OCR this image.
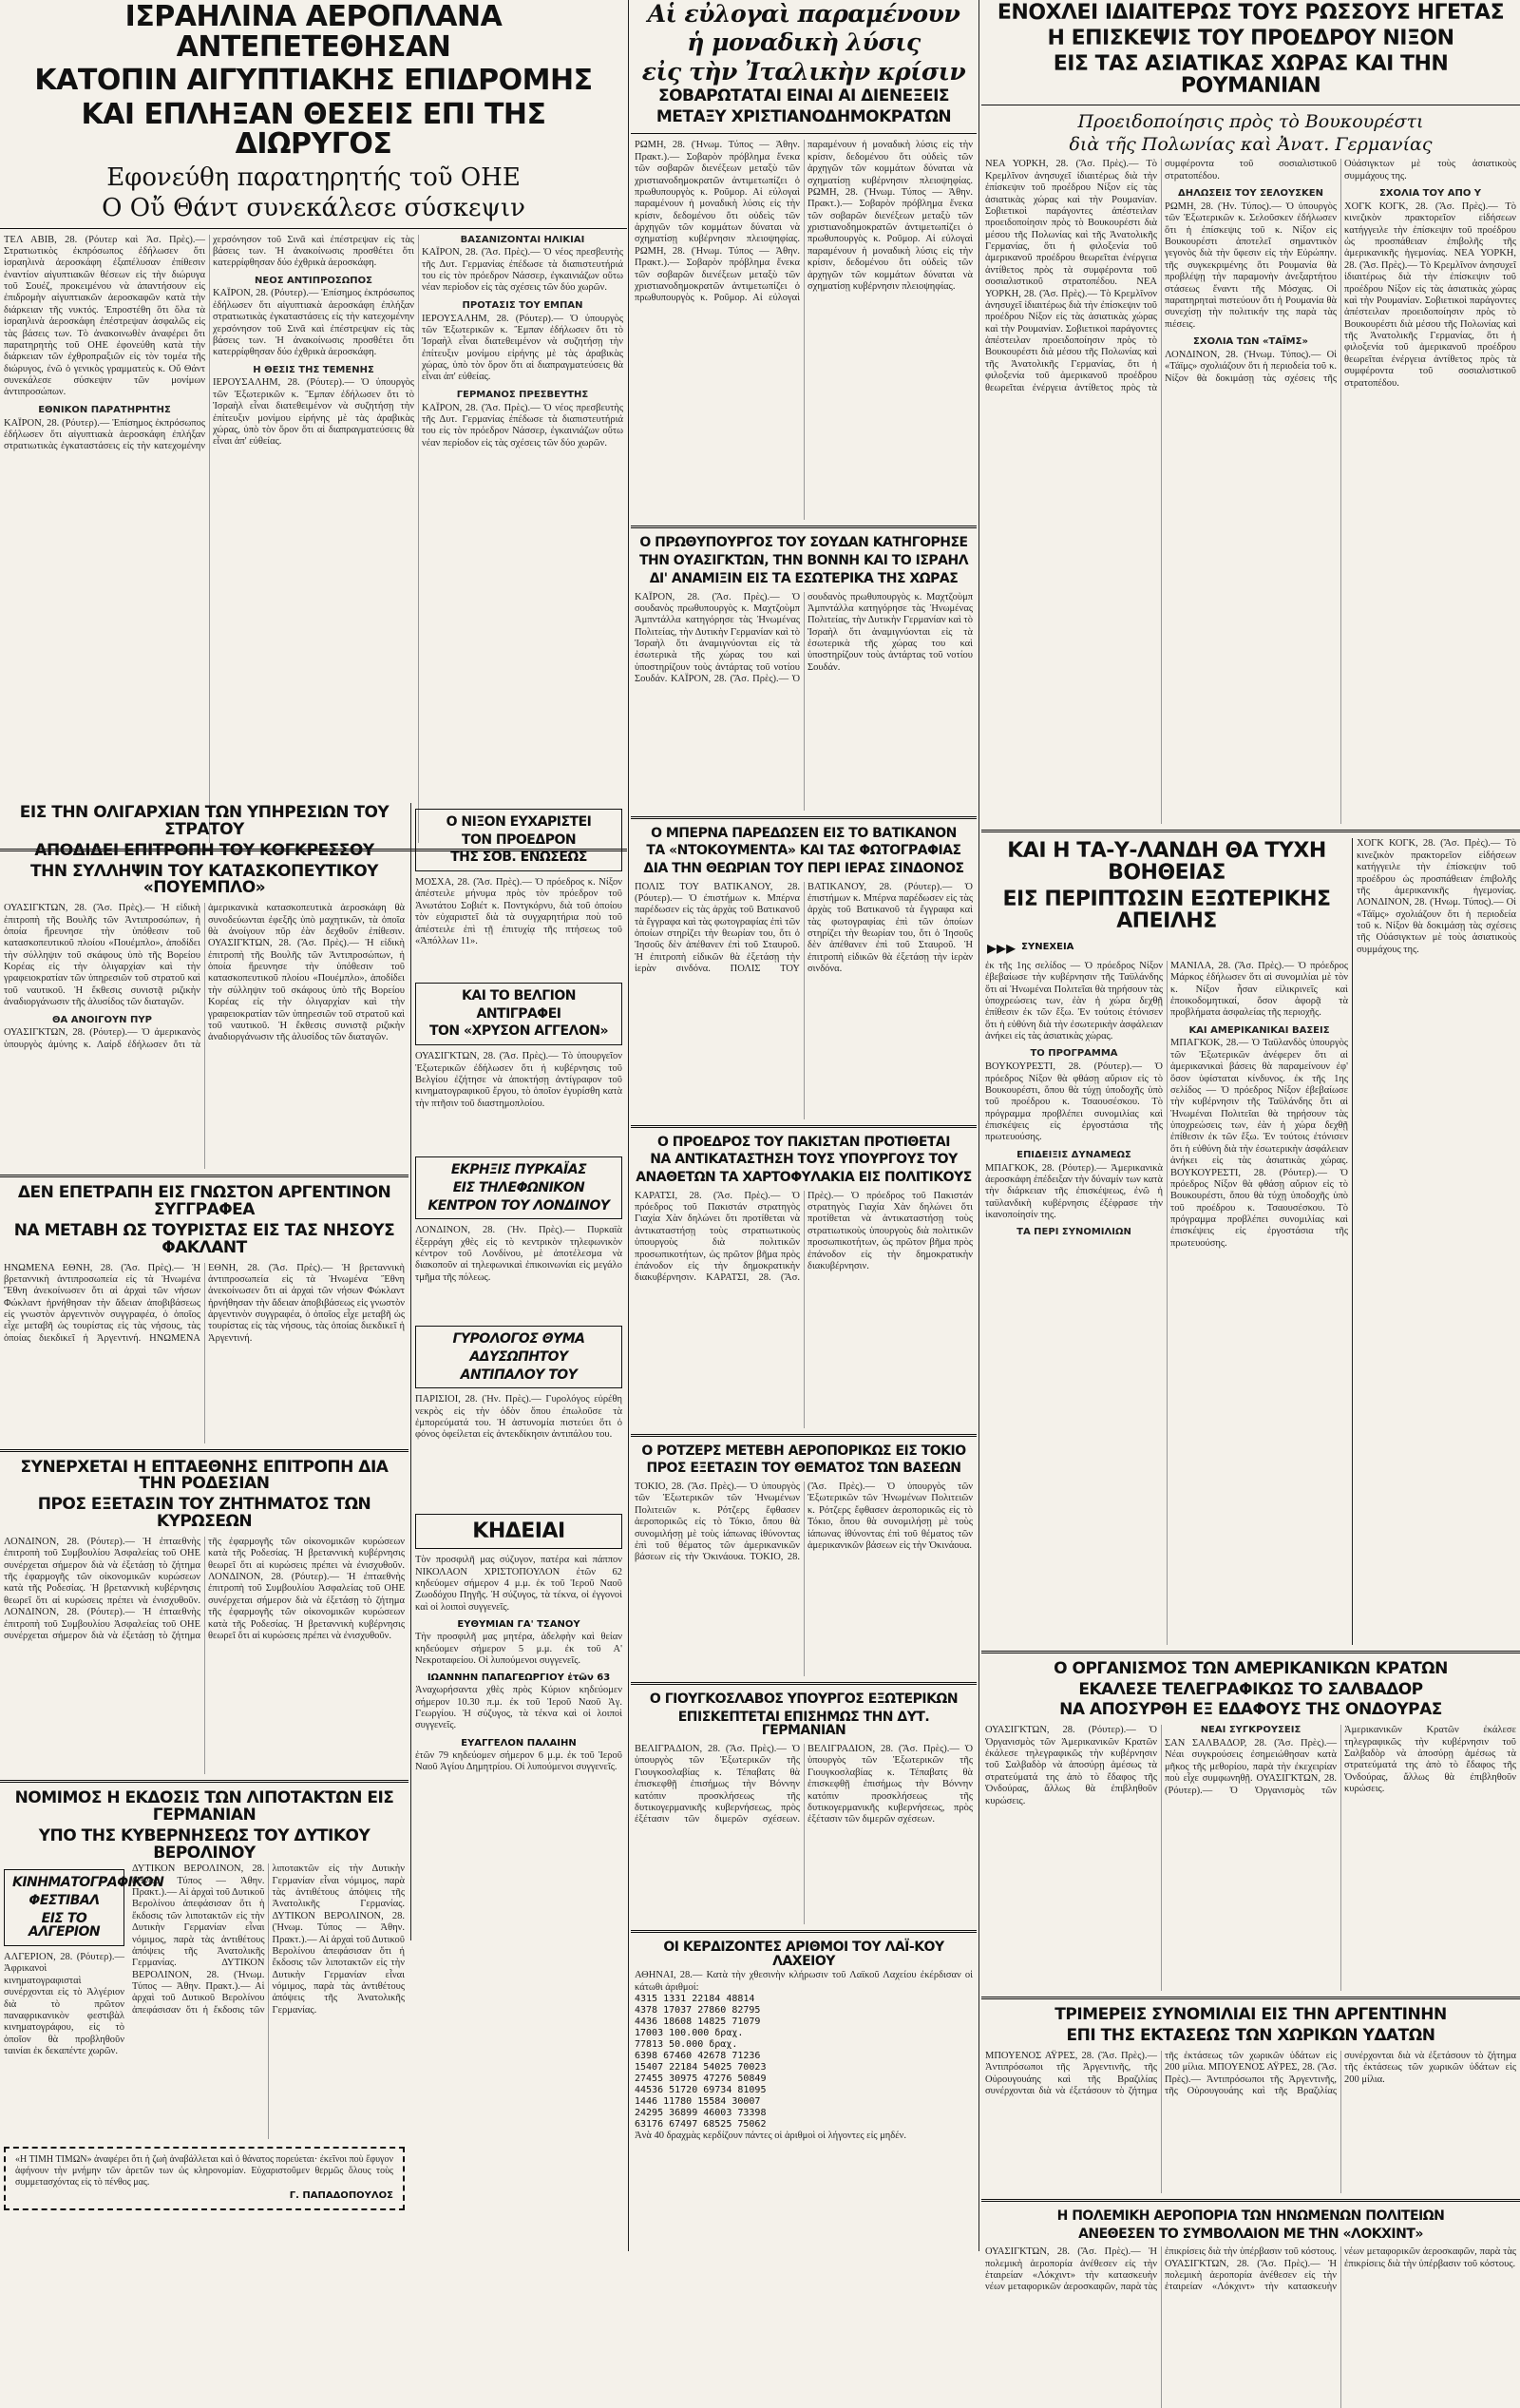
ΙΣΡΑΗΛΙΝΑ ΑΕΡΟΠΛΑΝΑ ΑΝΤΕΠΕΤΕΘΗΣΑΝ
ΚΑΤΟΠΙΝ ΑΙΓΥΠΤΙΑΚΗΣ ΕΠΙΔΡΟΜΗΣ
ΚΑΙ ΕΠΛΗΞΑΝ ΘΕΣΕΙΣ ΕΠΙ ΤΗΣ ΔΙΩΡΥΓΟΣ
Εφονεύθη παρατηρητής τοῦ ΟΗΕ
Ο Οὔ Θάντ συνεκάλεσε σύσκεψιν
ΤΕΛ ΑΒΙΒ, 28. (Ρόυτερ καὶ Ἀσ. Πρὲς).— Στρατιωτικὸς ἐκπρόσωπος ἐδήλωσεν ὅτι ἰσραηλινὰ ἀεροσκάφη ἐξαπέλυσαν ἐπίθεσιν ἐναντίον αἰγυπτιακῶν θέσεων εἰς τὴν διώρυγα τοῦ Σουέζ, προκειμένου νὰ ἀπαντήσουν εἰς ἐπιδρομὴν αἰγυπτιακῶν ἀεροσκαφῶν κατὰ τὴν διάρκειαν τῆς νυκτός. Ἐπροστέθη ὅτι ὅλα τὰ ἰσραηλινὰ ἀεροσκάφη ἐπέστρεψαν ἀσφαλῶς εἰς τὰς βάσεις των. Τὸ ἀνακοινωθὲν ἀναφέρει ὅτι παρατηρητὴς τοῦ ΟΗΕ ἐφονεύθη κατὰ τὴν διάρκειαν τῶν ἐχθροπραξιῶν εἰς τὸν τομέα τῆς διώρυγος, ἐνῶ ὁ γενικὸς γραμματεὺς κ. Οὔ Θάντ συνεκάλεσε σύσκεψιν τῶν μονίμων ἀντιπροσώπων.
ΕΘΝΙΚΟΝ ΠΑΡΑΤΗΡΗΤΗΣ
ΚΑΪΡΟΝ, 28. (Ρόυτερ).— Ἐπίσημος ἐκπρόσωπος ἐδήλωσεν ὅτι αἰγυπτιακὰ ἀεροσκάφη ἐπλήξαν στρατιωτικὰς ἐγκαταστάσεις εἰς τὴν κατεχομένην χερσόνησον τοῦ Σινᾶ καὶ ἐπέστρεψαν εἰς τὰς βάσεις των. Ἡ ἀνακοίνωσις προσθέτει ὅτι κατερρίφθησαν δύο ἐχθρικὰ ἀεροσκάφη.
ΝΕΟΣ ΑΝΤΙΠΡΟΣΩΠΟΣ
ΚΑΪΡΟΝ, 28. (Ρόυτερ).— Ἐπίσημος ἐκπρόσωπος ἐδήλωσεν ὅτι αἰγυπτιακὰ ἀεροσκάφη ἐπλήξαν στρατιωτικὰς ἐγκαταστάσεις εἰς τὴν κατεχομένην χερσόνησον τοῦ Σινᾶ καὶ ἐπέστρεψαν εἰς τὰς βάσεις των. Ἡ ἀνακοίνωσις προσθέτει ὅτι κατερρίφθησαν δύο ἐχθρικὰ ἀεροσκάφη.
Η ΘΕΣΙΣ ΤΗΣ ΤΕΜΕΝΗΣ
ΙΕΡΟΥΣΑΛΗΜ, 28. (Ρόυτερ).— Ὁ ὑπουργὸς τῶν Ἐξωτερικῶν κ. Ἔμπαν ἐδήλωσεν ὅτι τὸ Ἰσραὴλ εἶναι διατεθειμένον νὰ συζητήσῃ τὴν ἐπίτευξιν μονίμου εἰρήνης μὲ τὰς ἀραβικὰς χώρας, ὑπὸ τὸν ὅρον ὅτι αἱ διαπραγματεύσεις θὰ εἶναι ἀπ' εὐθείας.
ΒΑΣΑΝΙΖΟΝΤΑΙ ΗΛΙΚΙΑΙ
ΚΑΪΡΟΝ, 28. (Ἄσ. Πρὲς).— Ὁ νέος πρεσβευτὴς τῆς Δυτ. Γερμανίας ἐπέδωσε τὰ διαπιστευτήριά του εἰς τὸν πρόεδρον Νάσσερ, ἐγκαινιάζων οὕτω νέαν περίοδον εἰς τὰς σχέσεις τῶν δύο χωρῶν.
ΠΡΟΤΑΣΙΣ ΤΟΥ ΕΜΠΑΝ
ΙΕΡΟΥΣΑΛΗΜ, 28. (Ρόυτερ).— Ὁ ὑπουργὸς τῶν Ἐξωτερικῶν κ. Ἔμπαν ἐδήλωσεν ὅτι τὸ Ἰσραὴλ εἶναι διατεθειμένον νὰ συζητήσῃ τὴν ἐπίτευξιν μονίμου εἰρήνης μὲ τὰς ἀραβικὰς χώρας, ὑπὸ τὸν ὅρον ὅτι αἱ διαπραγματεύσεις θὰ εἶναι ἀπ' εὐθείας.
ΓΕΡΜΑΝΟΣ ΠΡΕΣΒΕΥΤΗΣ
ΚΑΪΡΟΝ, 28. (Ἄσ. Πρὲς).— Ὁ νέος πρεσβευτὴς τῆς Δυτ. Γερμανίας ἐπέδωσε τὰ διαπιστευτήριά του εἰς τὸν πρόεδρον Νάσσερ, ἐγκαινιάζων οὕτω νέαν περίοδον εἰς τὰς σχέσεις τῶν δύο χωρῶν.
ΕΙΣ ΤΗΝ ΟΛΙΓΑΡΧΙΑΝ ΤΩΝ ΥΠΗΡΕΣΙΩΝ ΤΟΥ ΣΤΡΑΤΟΥ
ΑΠΟΔΙΔΕΙ ΕΠΙΤΡΟΠΗ ΤΟΥ ΚΟΓΚΡΕΣΣΟΥ
ΤΗΝ ΣΥΛΛΗΨΙΝ ΤΟΥ ΚΑΤΑΣΚΟΠΕΥΤΙΚΟΥ «ΠΟΥΕΜΠΛΟ»
ΟΥΑΣΙΓΚΤΩΝ, 28. (Ἄσ. Πρὲς).— Ἡ εἰδικὴ ἐπιτροπὴ τῆς Βουλῆς τῶν Ἀντιπροσώπων, ἡ ὁποία ἤρευνησε τὴν ὑπόθεσιν τοῦ κατασκοπευτικοῦ πλοίου «Πουέμπλο», ἀποδίδει τὴν σύλληψιν τοῦ σκάφους ὑπὸ τῆς Βορείου Κορέας εἰς τὴν ὀλιγαρχίαν καὶ τὴν γραφειοκρατίαν τῶν ὑπηρεσιῶν τοῦ στρατοῦ καὶ τοῦ ναυτικοῦ. Ἡ ἔκθεσις συνιστᾷ ριζικὴν ἀναδιοργάνωσιν τῆς ἀλυσίδος τῶν διαταγῶν.
ΘΑ ΑΝΟΙΓΟΥΝ ΠΥΡ
ΟΥΑΣΙΓΚΤΩΝ, 28. (Ρόυτερ).— Ὁ ἀμερικανὸς ὑπουργὸς ἀμύνης κ. Λαίρδ ἐδήλωσεν ὅτι τὰ ἀμερικανικὰ κατασκοπευτικὰ ἀεροσκάφη θὰ συνοδεύωνται ἐφεξῆς ὑπὸ μαχητικῶν, τὰ ὁποῖα θὰ ἀνοίγουν πῦρ ἐὰν δεχθοῦν ἐπίθεσιν. ΟΥΑΣΙΓΚΤΩΝ, 28. (Ἄσ. Πρὲς).— Ἡ εἰδικὴ ἐπιτροπὴ τῆς Βουλῆς τῶν Ἀντιπροσώπων, ἡ ὁποία ἤρευνησε τὴν ὑπόθεσιν τοῦ κατασκοπευτικοῦ πλοίου «Πουέμπλο», ἀποδίδει τὴν σύλληψιν τοῦ σκάφους ὑπὸ τῆς Βορείου Κορέας εἰς τὴν ὀλιγαρχίαν καὶ τὴν γραφειοκρατίαν τῶν ὑπηρεσιῶν τοῦ στρατοῦ καὶ τοῦ ναυτικοῦ. Ἡ ἔκθεσις συνιστᾷ ριζικὴν ἀναδιοργάνωσιν τῆς ἀλυσίδος τῶν διαταγῶν.
ΔΕΝ ΕΠΕΤΡΑΠΗ ΕΙΣ ΓΝΩΣΤΟΝ ΑΡΓΕΝΤΙΝΟΝ ΣΥΓΓΡΑΦΕΑ
ΝΑ ΜΕΤΑΒΗ ΩΣ ΤΟΥΡΙΣΤΑΣ ΕΙΣ ΤΑΣ ΝΗΣΟΥΣ ΦΑΚΛΑΝΤ
ΗΝΩΜΕΝΑ ΕΘΝΗ, 28. (Ἄσ. Πρὲς).— Ἡ βρεταννικὴ ἀντιπροσωπεία εἰς τὰ Ἡνωμένα Ἔθνη ἀνεκοίνωσεν ὅτι αἱ ἀρχαὶ τῶν νήσων Φώκλαντ ἠρνήθησαν τὴν ἄδειαν ἀποβιβάσεως εἰς γνωστὸν ἀργεντινὸν συγγραφέα, ὁ ὁποῖος εἶχε μεταβῆ ὡς τουρίστας εἰς τὰς νήσους, τὰς ὁποίας διεκδικεῖ ἡ Ἀργεντινή. ΗΝΩΜΕΝΑ ΕΘΝΗ, 28. (Ἄσ. Πρὲς).— Ἡ βρεταννικὴ ἀντιπροσωπεία εἰς τὰ Ἡνωμένα Ἔθνη ἀνεκοίνωσεν ὅτι αἱ ἀρχαὶ τῶν νήσων Φώκλαντ ἠρνήθησαν τὴν ἄδειαν ἀποβιβάσεως εἰς γνωστὸν ἀργεντινὸν συγγραφέα, ὁ ὁποῖος εἶχε μεταβῆ ὡς τουρίστας εἰς τὰς νήσους, τὰς ὁποίας διεκδικεῖ ἡ Ἀργεντινή.
ΣΥΝΕΡΧΕΤΑΙ Η ΕΠΤΑΕΘΝΗΣ ΕΠΙΤΡΟΠΗ ΔΙΑ ΤΗΝ ΡΟΔΕΣΙΑΝ
ΠΡΟΣ ΕΞΕΤΑΣΙΝ ΤΟΥ ΖΗΤΗΜΑΤΟΣ ΤΩΝ ΚΥΡΩΣΕΩΝ
ΛΟΝΔΙΝΟΝ, 28. (Ρόυτερ).— Ἡ ἐπταεθνὴς ἐπιτροπὴ τοῦ Συμβουλίου Ἀσφαλείας τοῦ ΟΗΕ συνέρχεται σήμερον διὰ νὰ ἐξετάσῃ τὸ ζήτημα τῆς ἐφαρμογῆς τῶν οἰκονομικῶν κυρώσεων κατὰ τῆς Ροδεσίας. Ἡ βρεταννικὴ κυβέρνησις θεωρεῖ ὅτι αἱ κυρώσεις πρέπει νὰ ἐνισχυθοῦν. ΛΟΝΔΙΝΟΝ, 28. (Ρόυτερ).— Ἡ ἐπταεθνὴς ἐπιτροπὴ τοῦ Συμβουλίου Ἀσφαλείας τοῦ ΟΗΕ συνέρχεται σήμερον διὰ νὰ ἐξετάσῃ τὸ ζήτημα τῆς ἐφαρμογῆς τῶν οἰκονομικῶν κυρώσεων κατὰ τῆς Ροδεσίας. Ἡ βρεταννικὴ κυβέρνησις θεωρεῖ ὅτι αἱ κυρώσεις πρέπει νὰ ἐνισχυθοῦν. ΛΟΝΔΙΝΟΝ, 28. (Ρόυτερ).— Ἡ ἐπταεθνὴς ἐπιτροπὴ τοῦ Συμβουλίου Ἀσφαλείας τοῦ ΟΗΕ συνέρχεται σήμερον διὰ νὰ ἐξετάσῃ τὸ ζήτημα τῆς ἐφαρμογῆς τῶν οἰκονομικῶν κυρώσεων κατὰ τῆς Ροδεσίας. Ἡ βρεταννικὴ κυβέρνησις θεωρεῖ ὅτι αἱ κυρώσεις πρέπει νὰ ἐνισχυθοῦν.
ΝΟΜΙΜΟΣ Η ΕΚΔΟΣΙΣ ΤΩΝ ΛΙΠΟΤΑΚΤΩΝ ΕΙΣ ΓΕΡΜΑΝΙΑΝ
ΥΠΟ ΤΗΣ ΚΥΒΕΡΝΗΣΕΩΣ ΤΟΥ ΔΥΤΙΚΟΥ ΒΕΡΟΛΙΝΟΥ
ΚΙΝΗΜΑΤΟΓΡΑΦΙΚΟΝ
ΦΕΣΤΙΒΑΛ
ΕΙΣ ΤΟ ΑΛΓΕΡΙΟΝ
ΑΛΓΕΡΙΟΝ, 28. (Ρόυτερ).— Ἀφρικανοὶ κινηματογραφισταὶ συνέρχονται εἰς τὸ Ἀλγέριον διὰ τὸ πρῶτον παναφρικανικὸν φεστιβὰλ κινηματογράφου, εἰς τὸ ὁποῖον θὰ προβληθοῦν ταινίαι ἐκ δεκαπέντε χωρῶν.
ΔΥΤΙΚΟΝ ΒΕΡΟΛΙΝΟΝ, 28. (Ἠνωμ. Τύπος — Ἀθην. Πρακτ.).— Αἱ ἀρχαὶ τοῦ Δυτικοῦ Βερολίνου ἀπεφάσισαν ὅτι ἡ ἔκδοσις τῶν λιποτακτῶν εἰς τὴν Δυτικὴν Γερμανίαν εἶναι νόμιμος, παρὰ τὰς ἀντιθέτους ἀπόψεις τῆς Ἀνατολικῆς Γερμανίας.	ΔΥΤΙΚΟΝ ΒΕΡΟΛΙΝΟΝ, 28. (Ἠνωμ. Τύπος — Ἀθην. Πρακτ.).— Αἱ ἀρχαὶ τοῦ Δυτικοῦ Βερολίνου ἀπεφάσισαν ὅτι ἡ ἔκδοσις τῶν λιποτακτῶν εἰς τὴν Δυτικὴν Γερμανίαν εἶναι νόμιμος, παρὰ τὰς ἀντιθέτους ἀπόψεις τῆς Ἀνατολικῆς Γερμανίας. ΔΥΤΙΚΟΝ ΒΕΡΟΛΙΝΟΝ, 28. (Ἠνωμ. Τύπος — Ἀθην. Πρακτ.).— Αἱ ἀρχαὶ τοῦ Δυτικοῦ Βερολίνου ἀπεφάσισαν ὅτι ἡ ἔκδοσις τῶν λιποτακτῶν εἰς τὴν Δυτικὴν Γερμανίαν εἶναι νόμιμος, παρὰ τὰς ἀντιθέτους ἀπόψεις τῆς Ἀνατολικῆς Γερμανίας.
«Η ΤΙΜΗ ΤΙΜΩΝ» ἀναφέρει ὅτι ἡ ζωὴ ἀναβάλλεται καὶ ὁ θάνατος πορεύεται· ἐκεῖνοι ποὺ ἔφυγον ἀφήνουν τὴν μνήμην τῶν ἀρετῶν των ὡς κληρονομίαν. Εὐχαριστοῦμεν θερμῶς ὅλους τοὺς συμμετασχόντας εἰς τὸ πένθος μας.
Γ. ΠΑΠΑΔΟΠΟΥΛΟΣ
Ο ΝΙΞΟΝ ΕΥΧΑΡΙΣΤΕΙ
ΤΟΝ ΠΡΟΕΔΡΟΝ
ΤΗΣ ΣΟΒ. ΕΝΩΣΕΩΣ
ΜΟΣΧΑ, 28. (Ἄσ. Πρὲς).— Ὁ πρόεδρος κ. Νίξον ἀπέστειλε μήνυμα πρὸς τὸν πρόεδρον τοῦ Ἀνωτάτου Σοβιέτ κ. Ποντγκόρνυ, διὰ τοῦ ὁποίου τὸν εὐχαριστεῖ διὰ τὰ συγχαρητήρια ποὺ τοῦ ἀπέστειλε ἐπὶ τῇ ἐπιτυχίᾳ τῆς πτήσεως τοῦ «Ἀπόλλων 11».
ΚΑΙ ΤΟ ΒΕΛΓΙΟΝ
ΑΝΤΙΓΡΑΦΕΙ
ΤΟΝ «ΧΡΥΣΟΝ ΑΓΓΕΛΟΝ»
ΟΥΑΣΙΓΚΤΩΝ, 28. (Ἄσ. Πρὲς).— Τὸ ὑπουργεῖον Ἐξωτερικῶν ἐδήλωσεν ὅτι ἡ κυβέρνησις τοῦ Βελγίου ἐζήτησε νὰ ἀποκτήσῃ ἀντίγραφον τοῦ κινηματογραφικοῦ ἔργου, τὸ ὁποῖον ἐγυρίσθη κατὰ τὴν πτῆσιν τοῦ διαστημοπλοίου.
ΕΚΡΗΞΙΣ ΠΥΡΚΑΪΑΣ
ΕΙΣ ΤΗΛΕΦΩΝΙΚΟΝ
ΚΕΝΤΡΟΝ ΤΟΥ ΛΟΝΔΙΝΟΥ
ΛΟΝΔΙΝΟΝ, 28. (Ἠν. Πρὲς).— Πυρκαϊὰ ἐξερράγη χθὲς εἰς τὸ κεντρικὸν τηλεφωνικὸν κέντρον τοῦ Λονδίνου, μὲ ἀποτέλεσμα νὰ διακοποῦν αἱ τηλεφωνικαὶ ἐπικοινωνίαι εἰς μεγάλο τμῆμα τῆς πόλεως.
ΓΥΡΟΛΟΓΟΣ ΘΥΜΑ
ΑΔΥΣΩΠΗΤΟΥ
ΑΝΤΙΠΑΛΟΥ ΤΟΥ
ΠΑΡΙΣΙΟΙ, 28. (Ἠν. Πρὲς).— Γυρολόγος εὑρέθη νεκρὸς εἰς τὴν ὁδὸν ὅπου ἐπωλοῦσε τὰ ἐμπορεύματά του. Ἡ ἀστυνομία πιστεύει ὅτι ὁ φόνος ὀφείλεται εἰς ἀντεκδίκησιν ἀντιπάλου του.
ΚΗΔΕΙΑΙ
Τὸν προσφιλῆ μας σύζυγον, πατέρα καὶ πάππον ΝΙΚΟΛΑΟΝ ΧΡΙΣΤΟΠΟΥΛΟΝ ἐτῶν 62 κηδεύομεν σήμερον 4 μ.μ. ἐκ τοῦ Ἱεροῦ Ναοῦ Ζωοδόχου Πηγῆς. Ἡ σύζυγος, τὰ τέκνα, οἱ ἐγγονοὶ καὶ οἱ λοιποὶ συγγενεῖς.
ΕΥΘΥΜΙΑΝ ΓΑ' ΤΣΑΝΟΥ
Τὴν προσφιλῆ μας μητέρα, ἀδελφὴν καὶ θείαν κηδεύομεν σήμερον 5 μ.μ. ἐκ τοῦ Α' Νεκροταφείου. Οἱ λυπούμενοι συγγενεῖς.
ΙΩΑΝΝΗΝ ΠΑΠΑΓΕΩΡΓΙΟΥ ἐτῶν 63
Ἀναχωρήσαντα χθὲς πρὸς Κύριον κηδεύομεν σήμερον 10.30 π.μ. ἐκ τοῦ Ἱεροῦ Ναοῦ Ἁγ. Γεωργίου. Ἡ σύζυγος, τὰ τέκνα καὶ οἱ λοιποὶ συγγενεῖς.
ΕΥΑΓΓΕΛΟΝ ΠΑΛΑΙΗΝ
ἐτῶν 79 κηδεύομεν σήμερον 6 μ.μ. ἐκ τοῦ Ἱεροῦ Ναοῦ Ἁγίου Δημητρίου. Οἱ λυπούμενοι συγγενεῖς.
Αἱ εὐλογαὶ παραμένουν
ἡ μοναδικὴ λύσις
εἰς τὴν Ἰταλικὴν κρίσιν
ΣΟΒΑΡΩΤΑΤΑΙ ΕΙΝΑΙ ΑΙ ΔΙΕΝΕΞΕΙΣ
ΜΕΤΑΞΥ ΧΡΙΣΤΙΑΝΟΔΗΜΟΚΡΑΤΩΝ
ΡΩΜΗ, 28. (Ἠνωμ. Τύπος — Ἀθην. Πρακτ.).— Σοβαρὸν πρόβλημα ἔνεκα τῶν σοβαρῶν διενέξεων μεταξὺ τῶν χριστιανοδημοκρατῶν ἀντιμετωπίζει ὁ πρωθυπουργὸς κ. Ροῦμορ. Αἱ εὐλογαὶ παραμένουν ἡ μοναδικὴ λύσις εἰς τὴν κρίσιν, δεδομένου ὅτι οὐδεὶς τῶν ἀρχηγῶν τῶν κομμάτων δύναται νὰ σχηματίσῃ κυβέρνησιν πλειοψηφίας. ΡΩΜΗ, 28. (Ἠνωμ. Τύπος — Ἀθην. Πρακτ.).— Σοβαρὸν πρόβλημα ἔνεκα τῶν σοβαρῶν διενέξεων μεταξὺ τῶν χριστιανοδημοκρατῶν ἀντιμετωπίζει ὁ πρωθυπουργὸς κ. Ροῦμορ. Αἱ εὐλογαὶ παραμένουν ἡ μοναδικὴ λύσις εἰς τὴν κρίσιν, δεδομένου ὅτι οὐδεὶς τῶν ἀρχηγῶν τῶν κομμάτων δύναται νὰ σχηματίσῃ κυβέρνησιν πλειοψηφίας. ΡΩΜΗ, 28. (Ἠνωμ. Τύπος — Ἀθην. Πρακτ.).— Σοβαρὸν πρόβλημα ἔνεκα τῶν σοβαρῶν διενέξεων μεταξὺ τῶν χριστιανοδημοκρατῶν ἀντιμετωπίζει ὁ πρωθυπουργὸς κ. Ροῦμορ. Αἱ εὐλογαὶ παραμένουν ἡ μοναδικὴ λύσις εἰς τὴν κρίσιν, δεδομένου ὅτι οὐδεὶς τῶν ἀρχηγῶν τῶν κομμάτων δύναται νὰ σχηματίσῃ κυβέρνησιν πλειοψηφίας.
Ο ΠΡΩΘΥΠΟΥΡΓΟΣ ΤΟΥ ΣΟΥΔΑΝ ΚΑΤΗΓΟΡΗΣΕ
ΤΗΝ ΟΥΑΣΙΓΚΤΩΝ, ΤΗΝ ΒΟΝΝΗ ΚΑΙ ΤΟ ΙΣΡΑΗΛ
ΔΙ' ΑΝΑΜΙΞΙΝ ΕΙΣ ΤΑ ΕΣΩΤΕΡΙΚΑ ΤΗΣ ΧΩΡΑΣ
ΚΑΪΡΟΝ, 28. (Ἄσ. Πρὲς).— Ὁ σουδανὸς πρωθυπουργὸς κ. Μαχτζοὺμπ Ἀμπντάλλα κατηγόρησε τὰς Ἡνωμένας Πολιτείας, τὴν Δυτικὴν Γερμανίαν καὶ τὸ Ἰσραὴλ ὅτι ἀναμιγνύονται εἰς τὰ ἐσωτερικὰ τῆς χώρας του καὶ ὑποστηρίζουν τοὺς ἀντάρτας τοῦ νοτίου Σουδάν. ΚΑΪΡΟΝ, 28. (Ἄσ. Πρὲς).— Ὁ σουδανὸς πρωθυπουργὸς κ. Μαχτζοὺμπ Ἀμπντάλλα κατηγόρησε τὰς Ἡνωμένας Πολιτείας, τὴν Δυτικὴν Γερμανίαν καὶ τὸ Ἰσραὴλ ὅτι ἀναμιγνύονται εἰς τὰ ἐσωτερικὰ τῆς χώρας του καὶ ὑποστηρίζουν τοὺς ἀντάρτας τοῦ νοτίου Σουδάν.
Ο ΜΠΕΡΝΑ ΠΑΡΕΔΩΣΕΝ ΕΙΣ ΤΟ ΒΑΤΙΚΑΝΟΝ
ΤΑ «ΝΤΟΚΟΥΜΕΝΤΑ» ΚΑΙ ΤΑΣ ΦΩΤΟΓΡΑΦΙΑΣ
ΔΙΑ ΤΗΝ ΘΕΩΡΙΑΝ ΤΟΥ ΠΕΡΙ ΙΕΡΑΣ ΣΙΝΔΟΝΟΣ
ΠΟΛΙΣ ΤΟΥ ΒΑΤΙΚΑΝΟΥ, 28. (Ρόυτερ).— Ὁ ἐπιστήμων κ. Μπέρνα παρέδωσεν εἰς τὰς ἀρχὰς τοῦ Βατικανοῦ τὰ ἔγγραφα καὶ τὰς φωτογραφίας ἐπὶ τῶν ὁποίων στηρίζει τὴν θεωρίαν του, ὅτι ὁ Ἰησοῦς δὲν ἀπέθανεν ἐπὶ τοῦ Σταυροῦ. Ἡ ἐπιτροπὴ εἰδικῶν θὰ ἐξετάσῃ τὴν ἱερὰν σινδόνα. ΠΟΛΙΣ ΤΟΥ ΒΑΤΙΚΑΝΟΥ, 28. (Ρόυτερ).— Ὁ ἐπιστήμων κ. Μπέρνα παρέδωσεν εἰς τὰς ἀρχὰς τοῦ Βατικανοῦ τὰ ἔγγραφα καὶ τὰς φωτογραφίας ἐπὶ τῶν ὁποίων στηρίζει τὴν θεωρίαν του, ὅτι ὁ Ἰησοῦς δὲν ἀπέθανεν ἐπὶ τοῦ Σταυροῦ. Ἡ ἐπιτροπὴ εἰδικῶν θὰ ἐξετάσῃ τὴν ἱερὰν σινδόνα.
Ο ΠΡΟΕΔΡΟΣ ΤΟΥ ΠΑΚΙΣΤΑΝ ΠΡΟΤΙΘΕΤΑΙ
ΝΑ ΑΝΤΙΚΑΤΑΣΤΗΣΗ ΤΟΥΣ ΥΠΟΥΡΓΟΥΣ ΤΟΥ
ΑΝΑΘΕΤΩΝ ΤΑ ΧΑΡΤΟΦΥΛΑΚΙΑ ΕΙΣ ΠΟΛΙΤΙΚΟΥΣ
ΚΑΡΑΤΣΙ, 28. (Ἄσ. Πρὲς).— Ὁ πρόεδρος τοῦ Πακιστάν στρατηγὸς Γιαχία Χὰν δηλώνει ὅτι προτίθεται νὰ ἀντικαταστήσῃ τοὺς στρατιωτικοὺς ὑπουργοὺς διὰ πολιτικῶν προσωπικοτήτων, ὡς πρῶτον βῆμα πρὸς ἐπάνοδον εἰς τὴν δημοκρατικὴν διακυβέρνησιν. ΚΑΡΑΤΣΙ, 28. (Ἄσ. Πρὲς).— Ὁ πρόεδρος τοῦ Πακιστάν στρατηγὸς Γιαχία Χὰν δηλώνει ὅτι προτίθεται νὰ ἀντικαταστήσῃ τοὺς στρατιωτικοὺς ὑπουργοὺς διὰ πολιτικῶν προσωπικοτήτων, ὡς πρῶτον βῆμα πρὸς ἐπάνοδον εἰς τὴν δημοκρατικὴν διακυβέρνησιν.
Ο ΡΟΤΖΕΡΣ ΜΕΤΕΒΗ ΑΕΡΟΠΟΡΙΚΩΣ ΕΙΣ ΤΟΚΙΟ
ΠΡΟΣ ΕΞΕΤΑΣΙΝ ΤΟΥ ΘΕΜΑΤΟΣ ΤΩΝ ΒΑΣΕΩΝ
ΤΟΚΙΟ, 28. (Ἄσ. Πρὲς).— Ὁ ὑπουργὸς τῶν Ἐξωτερικῶν τῶν Ἡνωμένων Πολιτειῶν κ. Ρότζερς ἔφθασεν ἀεροπορικῶς εἰς τὸ Τόκιο, ὅπου θὰ συνομιλήσῃ μὲ τοὺς ἰάπωνας ἰθύνοντας ἐπὶ τοῦ θέματος τῶν ἀμερικανικῶν βάσεων εἰς τὴν Ὀκινάουα. ΤΟΚΙΟ, 28. (Ἄσ. Πρὲς).— Ὁ ὑπουργὸς τῶν Ἐξωτερικῶν τῶν Ἡνωμένων Πολιτειῶν κ. Ρότζερς ἔφθασεν ἀεροπορικῶς εἰς τὸ Τόκιο, ὅπου θὰ συνομιλήσῃ μὲ τοὺς ἰάπωνας ἰθύνοντας ἐπὶ τοῦ θέματος τῶν ἀμερικανικῶν βάσεων εἰς τὴν Ὀκινάουα.
Ο ΓΙΟΥΓΚΟΣΛΑΒΟΣ ΥΠΟΥΡΓΟΣ ΕΞΩΤΕΡΙΚΩΝ
ΕΠΙΣΚΕΠΤΕΤΑΙ ΕΠΙΣΗΜΩΣ ΤΗΝ ΔΥΤ. ΓΕΡΜΑΝΙΑΝ
ΒΕΛΙΓΡΑΔΙΟΝ, 28. (Ἄσ. Πρὲς).— Ὁ ὑπουργὸς τῶν Ἐξωτερικῶν τῆς Γιουγκοσλαβίας κ. Τέπαβατς θὰ ἐπισκεφθῇ ἐπισήμως τὴν Βόννην κατόπιν προσκλήσεως τῆς δυτικογερμανικῆς κυβερνήσεως, πρὸς ἐξέτασιν τῶν διμερῶν σχέσεων. ΒΕΛΙΓΡΑΔΙΟΝ, 28. (Ἄσ. Πρὲς).— Ὁ ὑπουργὸς τῶν Ἐξωτερικῶν τῆς Γιουγκοσλαβίας κ. Τέπαβατς θὰ ἐπισκεφθῇ ἐπισήμως τὴν Βόννην κατόπιν προσκλήσεως τῆς δυτικογερμανικῆς κυβερνήσεως, πρὸς ἐξέτασιν τῶν διμερῶν σχέσεων.
ΟΙ ΚΕΡΔΙΖΟΝΤΕΣ ΑΡΙΘΜΟΙ ΤΟΥ ΛΑΪ-ΚΟΥ ΛΑΧΕΙΟΥ
ΑΘΗΝΑΙ, 28.— Κατὰ τὴν χθεσινὴν κλήρωσιν τοῦ Λαϊκοῦ Λαχείου ἐκέρδισαν οἱ κάτωθι ἀριθμοί:
4315 1331 22184 48814
4378 17037 27860 82795
4436 18608 14825 71079
17003 100.000 δραχ.
77813 50.000 δραχ.
6398 67460 42678 71236
15407 22184 54025 70023
27455 30975 47276 50849
44536 51720 69734 81095
1446 11780 15584 30007
24295 36899 46003 73398
63176 67497 68525 75062
Ἀνὰ 40 δραχμὰς κερδίζουν πάντες οἱ ἀριθμοὶ οἱ λήγοντες εἰς μηδέν.
ΕΝΟΧΛΕΙ ΙΔΙΑΙΤΕΡΩΣ ΤΟΥΣ ΡΩΣΣΟΥΣ ΗΓΕΤΑΣ
Η ΕΠΙΣΚΕΨΙΣ ΤΟΥ ΠΡΟΕΔΡΟΥ ΝΙΞΟΝ
ΕΙΣ ΤΑΣ ΑΣΙΑΤΙΚΑΣ ΧΩΡΑΣ ΚΑΙ ΤΗΝ ΡΟΥΜΑΝΙΑΝ
Προειδοποίησις πρὸς τὸ Βουκουρέστι
διὰ τῆς Πολωνίας καὶ Ἀνατ. Γερμανίας
ΝΕΑ ΥΟΡΚΗ, 28. (Ἄσ. Πρὲς).— Τὸ Κρεμλῖνον ἀνησυχεῖ ἰδιαιτέρως διὰ τὴν ἐπίσκεψιν τοῦ προέδρου Νίξον εἰς τὰς ἀσιατικὰς χώρας καὶ τὴν Ρουμανίαν. Σοβιετικοὶ παράγοντες ἀπέστειλαν προειδοποίησιν πρὸς τὸ Βουκουρέστι διὰ μέσου τῆς Πολωνίας καὶ τῆς Ἀνατολικῆς Γερμανίας, ὅτι ἡ φιλοξενία τοῦ ἀμερικανοῦ προέδρου θεωρεῖται ἐνέργεια ἀντίθετος πρὸς τὰ συμφέροντα τοῦ σοσιαλιστικοῦ στρατοπέδου. ΝΕΑ ΥΟΡΚΗ, 28. (Ἄσ. Πρὲς).— Τὸ Κρεμλῖνον ἀνησυχεῖ ἰδιαιτέρως διὰ τὴν ἐπίσκεψιν τοῦ προέδρου Νίξον εἰς τὰς ἀσιατικὰς χώρας καὶ τὴν Ρουμανίαν. Σοβιετικοὶ παράγοντες ἀπέστειλαν προειδοποίησιν πρὸς τὸ Βουκουρέστι διὰ μέσου τῆς Πολωνίας καὶ τῆς Ἀνατολικῆς Γερμανίας, ὅτι ἡ φιλοξενία τοῦ ἀμερικανοῦ προέδρου θεωρεῖται ἐνέργεια ἀντίθετος πρὸς τὰ συμφέροντα τοῦ σοσιαλιστικοῦ στρατοπέδου.
ΔΗΛΩΣΕΙΣ ΤΟΥ ΣΕΛΟΥΣΚΕΝ
ΡΩΜΗ, 28. (Ἠν. Τύπος).— Ὁ ὑπουργὸς τῶν Ἐξωτερικῶν κ. Σελοῦσκεν ἐδήλωσεν ὅτι ἡ ἐπίσκεψις τοῦ κ. Νίξον εἰς Βουκουρέστι ἀποτελεῖ σημαντικὸν γεγονὸς διὰ τὴν ὕφεσιν εἰς τὴν Εὐρώπην. τῆς συγκεκριμένης ὅτι Ρουμανία θὰ προβλέψῃ τὴν παραμονὴν ἀνεξαρτήτου στάσεως ἔναντι τῆς Μόσχας. Οἱ παρατηρηταὶ πιστεύουν ὅτι ἡ Ρουμανία θὰ συνεχίσῃ τὴν πολιτικήν της παρὰ τὰς πιέσεις.
ΣΧΟΛΙΑ ΤΩΝ «ΤΑΪΜΣ»
ΛΟΝΔΙΝΟΝ, 28. (Ἠνωμ. Τύπος).— Οἱ «Τάϊμς» σχολιάζουν ὅτι ἡ περιοδεία τοῦ κ. Νίξον θὰ δοκιμάσῃ τὰς σχέσεις τῆς Οὐάσιγκτων μὲ τοὺς ἀσιατικοὺς συμμάχους της.
ΣΧΟΛΙΑ ΤΟΥ ΑΠΟ Υ
ΧΟΓΚ ΚΟΓΚ, 28. (Ἄσ. Πρὲς).— Τὸ κινεζικὸν πρακτορεῖον εἰδήσεων κατήγγειλε τὴν ἐπίσκεψιν τοῦ προέδρου ὡς προσπάθειαν ἐπιβολῆς τῆς ἀμερικανικῆς ἡγεμονίας. ΝΕΑ ΥΟΡΚΗ, 28. (Ἄσ. Πρὲς).— Τὸ Κρεμλῖνον ἀνησυχεῖ ἰδιαιτέρως διὰ τὴν ἐπίσκεψιν τοῦ προέδρου Νίξον εἰς τὰς ἀσιατικὰς χώρας καὶ τὴν Ρουμανίαν. Σοβιετικοὶ παράγοντες ἀπέστειλαν προειδοποίησιν πρὸς τὸ Βουκουρέστι διὰ μέσου τῆς Πολωνίας καὶ τῆς Ἀνατολικῆς Γερμανίας, ὅτι ἡ φιλοξενία τοῦ ἀμερικανοῦ προέδρου θεωρεῖται ἐνέργεια ἀντίθετος πρὸς τὰ συμφέροντα τοῦ σοσιαλιστικοῦ στρατοπέδου.
ΚΑΙ Η ΤΑ-Υ-ΛΑΝΔΗ ΘΑ ΤΥΧΗ ΒΟΗΘΕΙΑΣ
ΕΙΣ ΠΕΡΙΠΤΩΣΙΝ ΕΞΩΤΕΡΙΚΗΣ ΑΠΕΙΛΗΣ
▸▸▸ ΣΥΝΕΧΕΙΑ
ἐκ τῆς 1ης σελίδος — Ὁ πρόεδρος Νίξον ἐβεβαίωσε τὴν κυβέρνησιν τῆς Ταϋλάνδης ὅτι αἱ Ἡνωμέναι Πολιτεῖαι θὰ τηρήσουν τὰς ὑποχρεώσεις των, ἐὰν ἡ χώρα δεχθῇ ἐπίθεσιν ἐκ τῶν ἔξω. Ἐν τούτοις ἐτόνισεν ὅτι ἡ εὐθύνη διὰ τὴν ἐσωτερικὴν ἀσφάλειαν ἀνήκει εἰς τὰς ἀσιατικὰς χώρας.
ΤΟ ΠΡΟΓΡΑΜΜΑ
ΒΟΥΚΟΥΡΕΣΤΙ, 28. (Ρόυτερ).— Ὁ πρόεδρος Νίξον θὰ φθάσῃ αὔριον εἰς τὸ Βουκουρέστι, ὅπου θὰ τύχῃ ὑποδοχῆς ὑπὸ τοῦ προέδρου κ. Τσαουσέσκου. Τὸ πρόγραμμα προβλέπει συνομιλίας καὶ ἐπισκέψεις εἰς ἐργοστάσια τῆς πρωτευούσης.
ΕΠΙΔΕΙΞΙΣ ΔΥΝΑΜΕΩΣ
ΜΠΑΓΚΟΚ, 28. (Ρόυτερ).— Ἀμερικανικὰ ἀεροσκάφη ἐπέδειξαν τὴν δύναμίν των κατὰ τὴν διάρκειαν τῆς ἐπισκέψεως, ἐνῶ ἡ ταϋλανδικὴ κυβέρνησις ἐξέφρασε τὴν ἱκανοποίησίν της.
ΤΑ ΠΕΡΙ ΣΥΝΟΜΙΛΙΩΝ
ΜΑΝΙΛΑ, 28. (Ἄσ. Πρὲς).— Ὁ πρόεδρος Μάρκος ἐδήλωσεν ὅτι αἱ συνομιλίαι μὲ τὸν κ. Νίξον ἦσαν εἰλικρινεῖς καὶ ἐποικοδομητικαί, ὅσον ἀφορᾷ τὰ προβλήματα ἀσφαλείας τῆς περιοχῆς.
ΚΑΙ ΑΜΕΡΙΚΑΝΙΚΑΙ ΒΑΣΕΙΣ
ΜΠΑΓΚΟΚ, 28.— Ὁ Ταϋλανδὸς ὑπουργὸς τῶν Ἐξωτερικῶν ἀνέφερεν ὅτι αἱ ἀμερικανικαὶ βάσεις θὰ παραμείνουν ἐφ' ὅσον ὑφίσταται κίνδυνος. ἐκ τῆς 1ης σελίδος — Ὁ πρόεδρος Νίξον ἐβεβαίωσε τὴν κυβέρνησιν τῆς Ταϋλάνδης ὅτι αἱ Ἡνωμέναι Πολιτεῖαι θὰ τηρήσουν τὰς ὑποχρεώσεις των, ἐὰν ἡ χώρα δεχθῇ ἐπίθεσιν ἐκ τῶν ἔξω. Ἐν τούτοις ἐτόνισεν ὅτι ἡ εὐθύνη διὰ τὴν ἐσωτερικὴν ἀσφάλειαν ἀνήκει εἰς τὰς ἀσιατικὰς χώρας. ΒΟΥΚΟΥΡΕΣΤΙ, 28. (Ρόυτερ).— Ὁ πρόεδρος Νίξον θὰ φθάσῃ αὔριον εἰς τὸ Βουκουρέστι, ὅπου θὰ τύχῃ ὑποδοχῆς ὑπὸ τοῦ προέδρου κ. Τσαουσέσκου. Τὸ πρόγραμμα προβλέπει συνομιλίας καὶ ἐπισκέψεις εἰς ἐργοστάσια τῆς πρωτευούσης.
ΧΟΓΚ ΚΟΓΚ, 28. (Ἄσ. Πρὲς).— Τὸ κινεζικὸν πρακτορεῖον εἰδήσεων κατήγγειλε τὴν ἐπίσκεψιν τοῦ προέδρου ὡς προσπάθειαν ἐπιβολῆς τῆς ἀμερικανικῆς ἡγεμονίας. ΛΟΝΔΙΝΟΝ, 28. (Ἠνωμ. Τύπος).— Οἱ «Τάϊμς» σχολιάζουν ὅτι ἡ περιοδεία τοῦ κ. Νίξον θὰ δοκιμάσῃ τὰς σχέσεις τῆς Οὐάσιγκτων μὲ τοὺς ἀσιατικοὺς συμμάχους της.
Ο ΟΡΓΑΝΙΣΜΟΣ ΤΩΝ ΑΜΕΡΙΚΑΝΙΚΩΝ ΚΡΑΤΩΝ
ΕΚΑΛΕΣΕ ΤΕΛΕΓΡΑΦΙΚΩΣ ΤΟ ΣΑΛΒΑΔΟΡ
ΝΑ ΑΠΟΣΥΡΘΗ ΕΞ ΕΔΑΦΟΥΣ ΤΗΣ ΟΝΔΟΥΡΑΣ
ΟΥΑΣΙΓΚΤΩΝ, 28. (Ρόυτερ).— Ὁ Ὀργανισμὸς τῶν Ἀμερικανικῶν Κρατῶν ἐκάλεσε τηλεγραφικῶς τὴν κυβέρνησιν τοῦ Σαλβαδὸρ νὰ ἀποσύρῃ ἀμέσως τὰ στρατεύματά της ἀπὸ τὸ ἔδαφος τῆς Ὀνδούρας, ἄλλως θὰ ἐπιβληθοῦν κυρώσεις.
ΝΕΑΙ ΣΥΓΚΡΟΥΣΕΙΣ
ΣΑΝ ΣΑΛΒΑΔΟΡ, 28. (Ἄσ. Πρὲς).— Νέαι συγκρούσεις ἐσημειώθησαν κατὰ μῆκος τῆς μεθορίου, παρὰ τὴν ἐκεχειρίαν ποὺ εἶχε συμφωνηθῇ. ΟΥΑΣΙΓΚΤΩΝ, 28. (Ρόυτερ).— Ὁ Ὀργανισμὸς τῶν Ἀμερικανικῶν Κρατῶν ἐκάλεσε τηλεγραφικῶς τὴν κυβέρνησιν τοῦ Σαλβαδὸρ νὰ ἀποσύρῃ ἀμέσως τὰ στρατεύματά της ἀπὸ τὸ ἔδαφος τῆς Ὀνδούρας, ἄλλως θὰ ἐπιβληθοῦν κυρώσεις.
ΤΡΙΜΕΡΕΙΣ ΣΥΝΟΜΙΛΙΑΙ ΕΙΣ ΤΗΝ ΑΡΓΕΝΤΙΝΗΝ
ΕΠΙ ΤΗΣ ΕΚΤΑΣΕΩΣ ΤΩΝ ΧΩΡΙΚΩΝ ΥΔΑΤΩΝ
ΜΠΟΥΕΝΟΣ ΑΫΡΕΣ, 28. (Ἄσ. Πρὲς).— Ἀντιπρόσωποι τῆς Ἀργεντινῆς, τῆς Οὐρουγουάης καὶ τῆς Βραζιλίας συνέρχονται διὰ νὰ ἐξετάσουν τὸ ζήτημα τῆς ἐκτάσεως τῶν χωρικῶν ὑδάτων εἰς 200 μίλια. ΜΠΟΥΕΝΟΣ ΑΫΡΕΣ, 28. (Ἄσ. Πρὲς).— Ἀντιπρόσωποι τῆς Ἀργεντινῆς, τῆς Οὐρουγουάης καὶ τῆς Βραζιλίας συνέρχονται διὰ νὰ ἐξετάσουν τὸ ζήτημα τῆς ἐκτάσεως τῶν χωρικῶν ὑδάτων εἰς 200 μίλια.
Η ΠΟΛΕΜΙΚΗ ΑΕΡΟΠΟΡΙΑ ΤΩΝ ΗΝΩΜΕΝΩΝ ΠΟΛΙΤΕΙΩΝ
ΑΝΕΘΕΣΕΝ ΤΟ ΣΥΜΒΟΛΑΙΟΝ ΜΕ ΤΗΝ «ΛΟΚΧΙΝΤ»
ΟΥΑΣΙΓΚΤΩΝ, 28. (Ἄσ. Πρὲς).— Ἡ πολεμικὴ ἀεροπορία ἀνέθεσεν εἰς τὴν ἑταιρείαν «Λόκχιντ» τὴν κατασκευὴν νέων μεταφορικῶν ἀεροσκαφῶν, παρὰ τὰς ἐπικρίσεις διὰ τὴν ὑπέρβασιν τοῦ κόστους. ΟΥΑΣΙΓΚΤΩΝ, 28. (Ἄσ. Πρὲς).— Ἡ πολεμικὴ ἀεροπορία ἀνέθεσεν εἰς τὴν ἑταιρείαν «Λόκχιντ» τὴν κατασκευὴν νέων μεταφορικῶν ἀεροσκαφῶν, παρὰ τὰς ἐπικρίσεις διὰ τὴν ὑπέρβασιν τοῦ κόστους.
